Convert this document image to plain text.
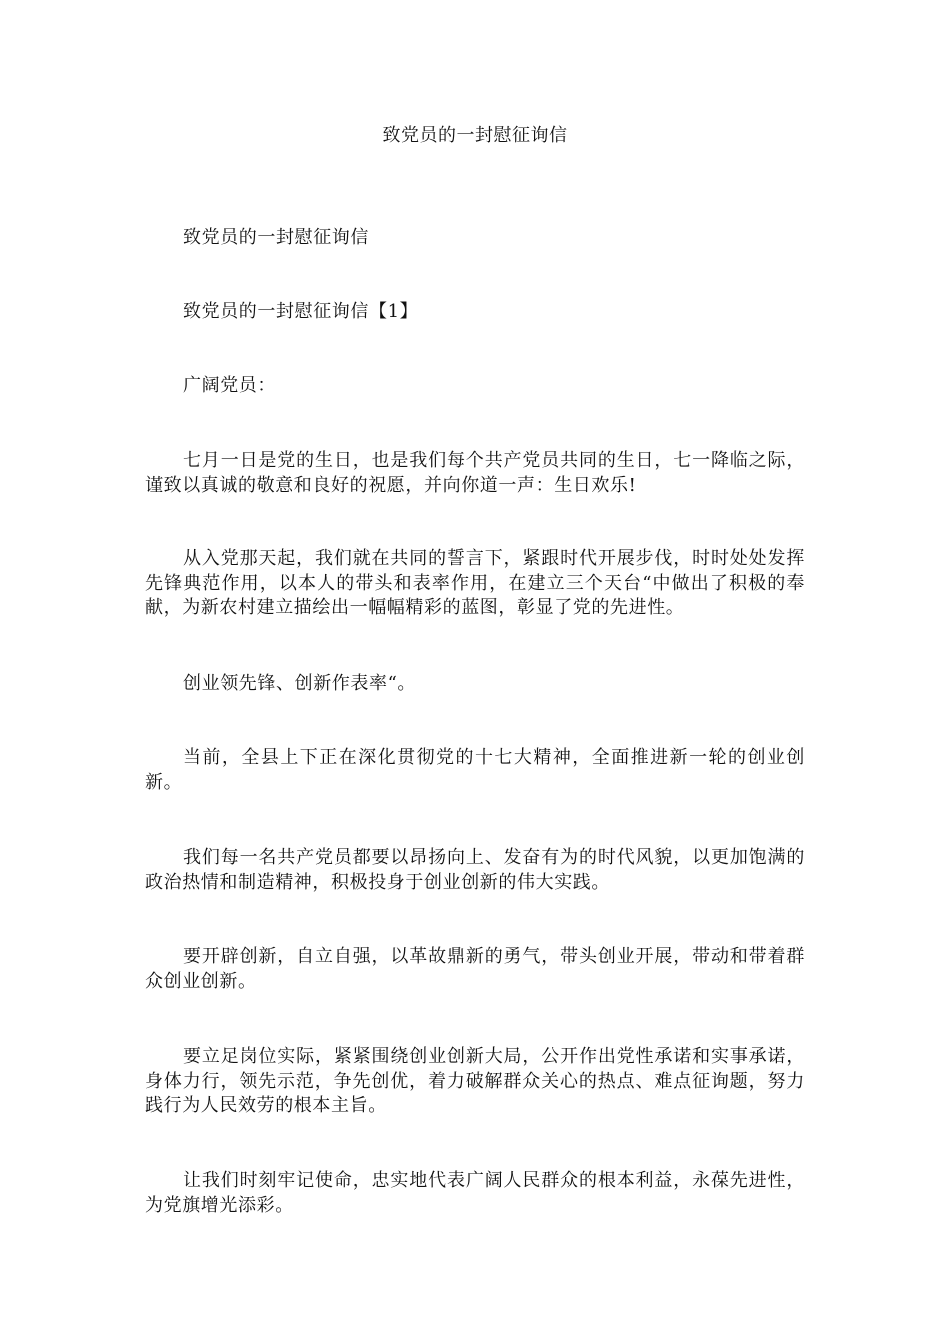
致党员的一封慰征询信

致党员的一封慰征询信

致党员的一封慰征询信【1】

广阔党员：

七月一日是党的生日，也是我们每个共产党员共同的生日，七一降临之际，谨致以真诚的敬意和良好的祝愿，并向你道一声：生日欢乐!

从入党那天起，我们就在共同的誓言下，紧跟时代开展步伐，时时处处发挥先锋典范作用，以本人的带头和表率作用，在建立三个天台“中做出了积极的奉献，为新农村建立描绘出一幅幅精彩的蓝图，彰显了党的先进性。

创业领先锋、创新作表率“。

当前，全县上下正在深化贯彻党的十七大精神，全面推进新一轮的创业创新。

我们每一名共产党员都要以昂扬向上、发奋有为的时代风貌，以更加饱满的政治热情和制造精神，积极投身于创业创新的伟大实践。

要开辟创新，自立自强，以革故鼎新的勇气，带头创业开展，带动和带着群众创业创新。

要立足岗位实际，紧紧围绕创业创新大局，公开作出党性承诺和实事承诺，身体力行，领先示范，争先创优，着力破解群众关心的热点、难点征询题，努力践行为人民效劳的根本主旨。

让我们时刻牢记使命，忠实地代表广阔人民群众的根本利益，永葆先进性，为党旗增光添彩。
